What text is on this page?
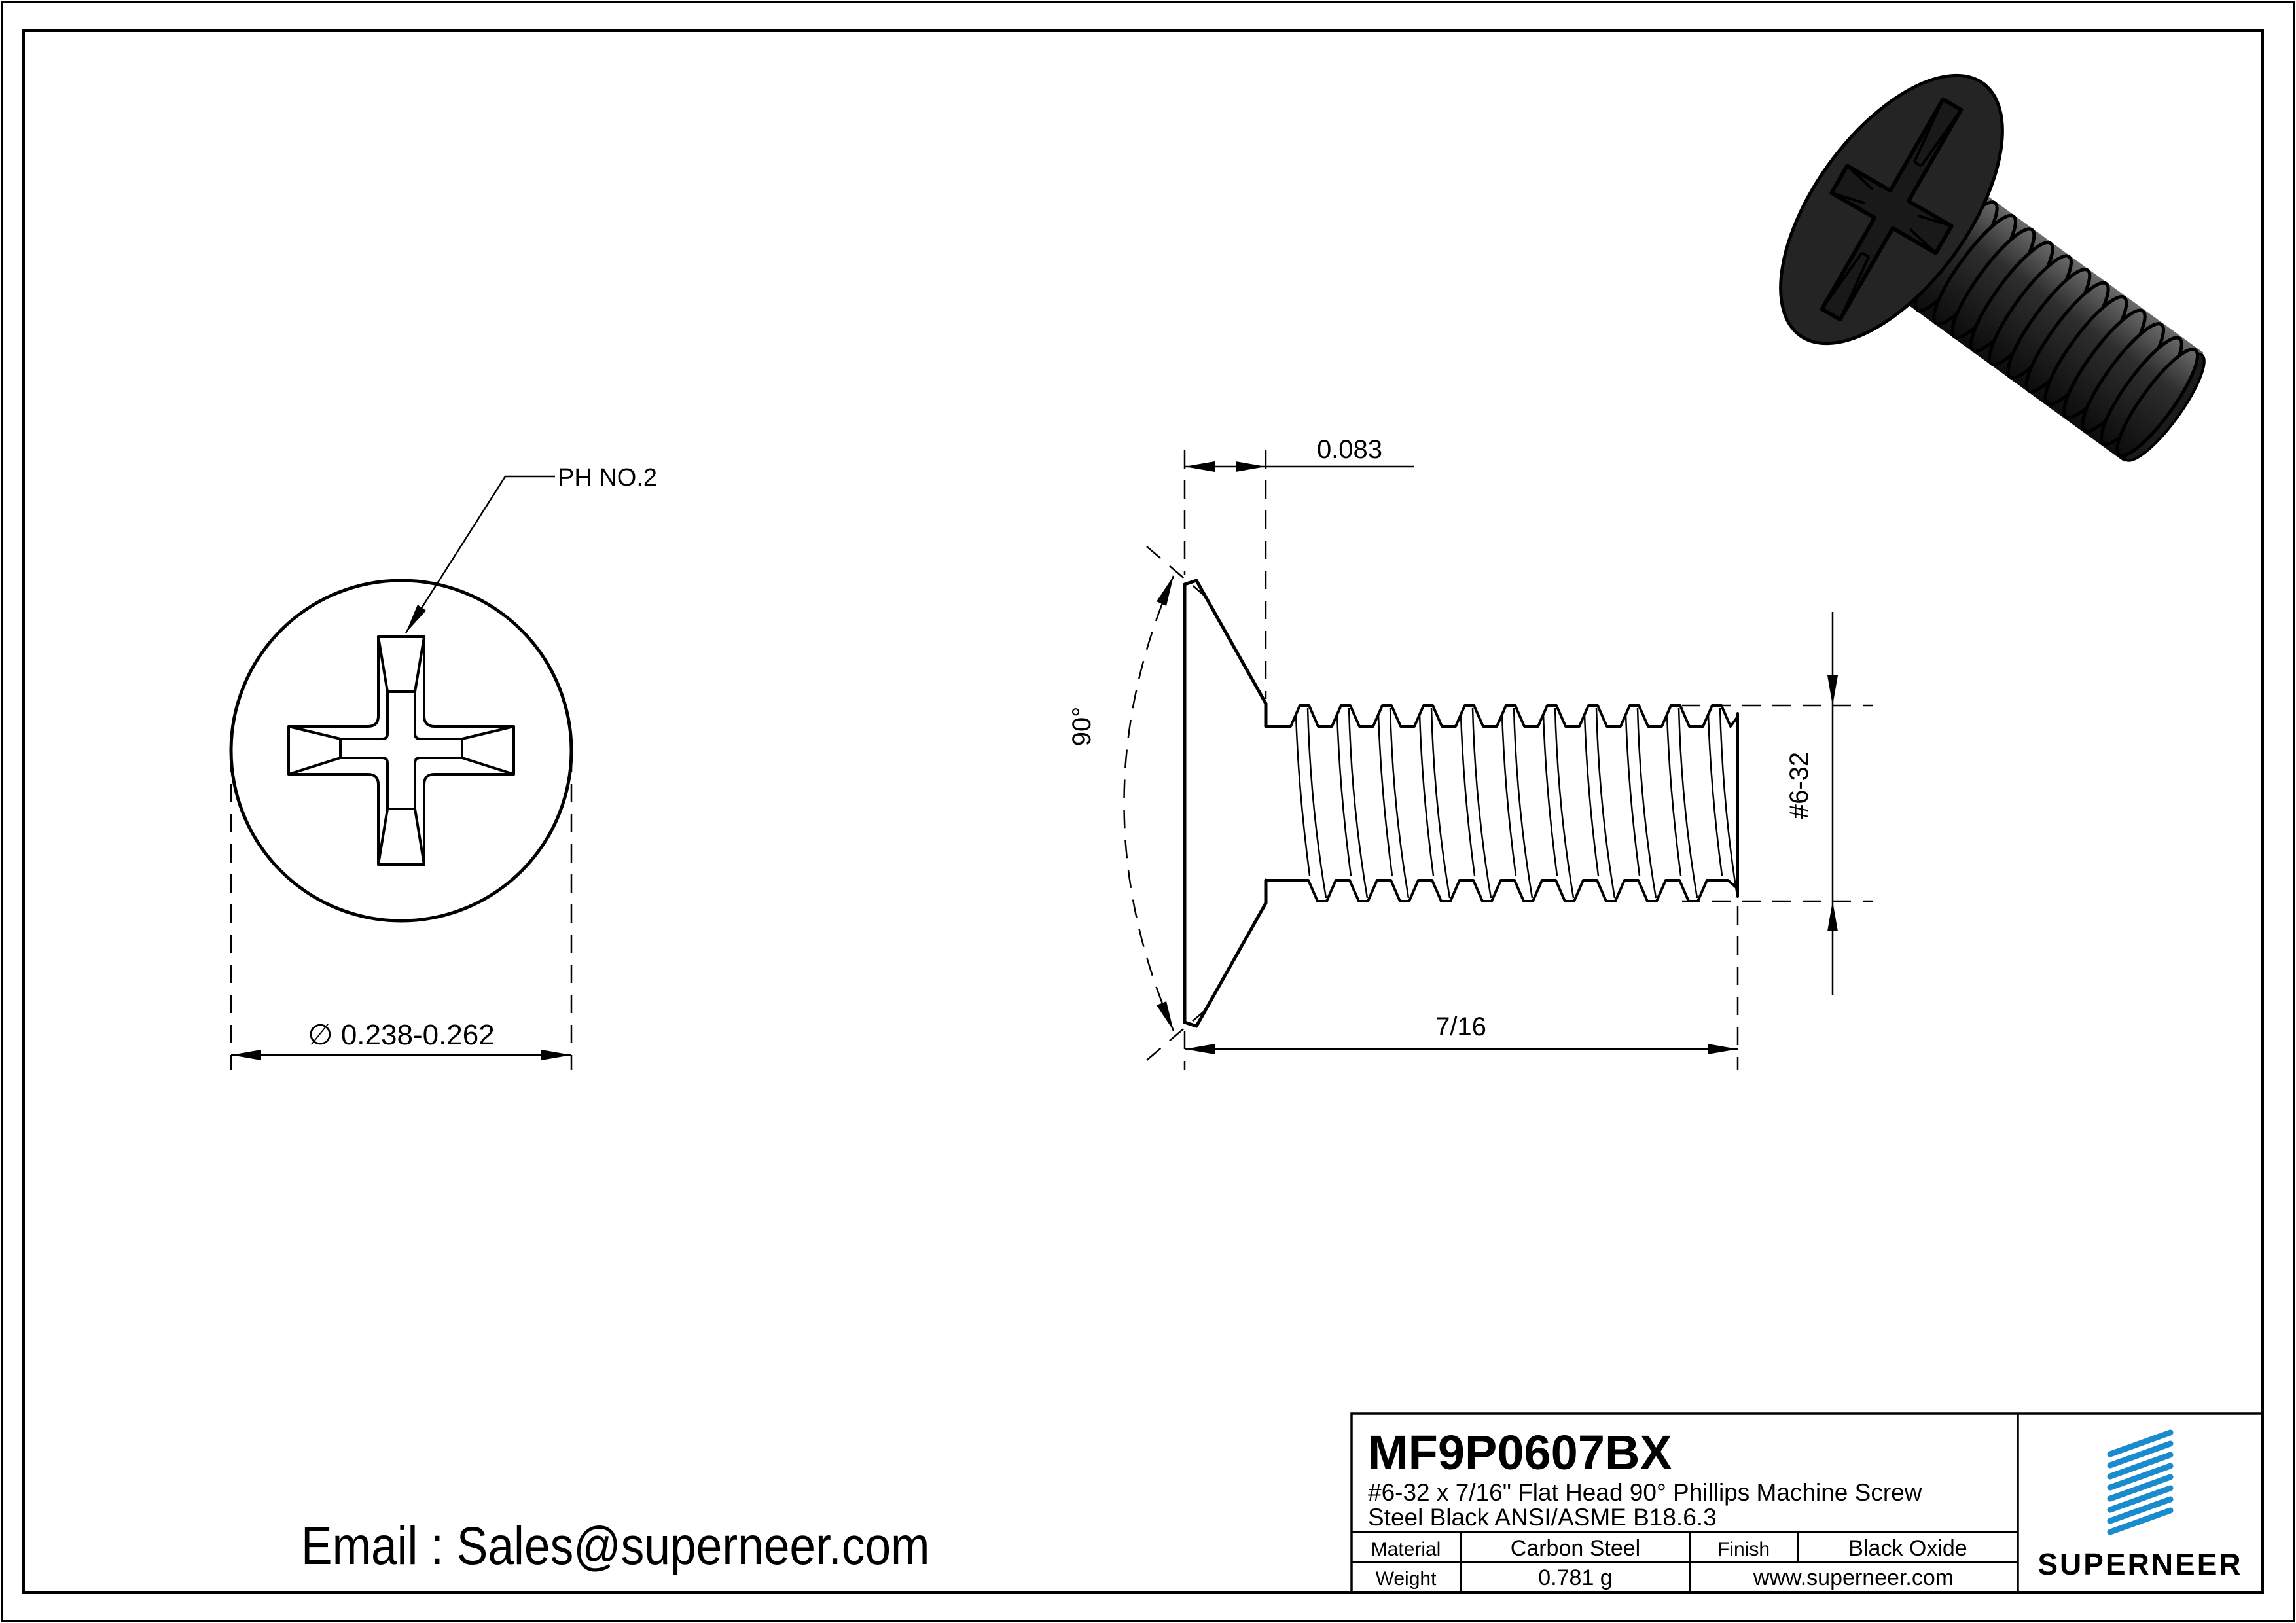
PH NO.2
∅ 0.238-0.262
0.083
90°
#6-32
7/16
Email : Sales@superneer.com
MF9P0607BX
#6-32 x 7/16" Flat Head 90° Phillips Machine Screw
Steel Black ANSI/ASME B18.6.3
Material	Carbon Steel	Finish	Black Oxide
Weight	0.781 g	www.superneer.com	SUPERNEER
